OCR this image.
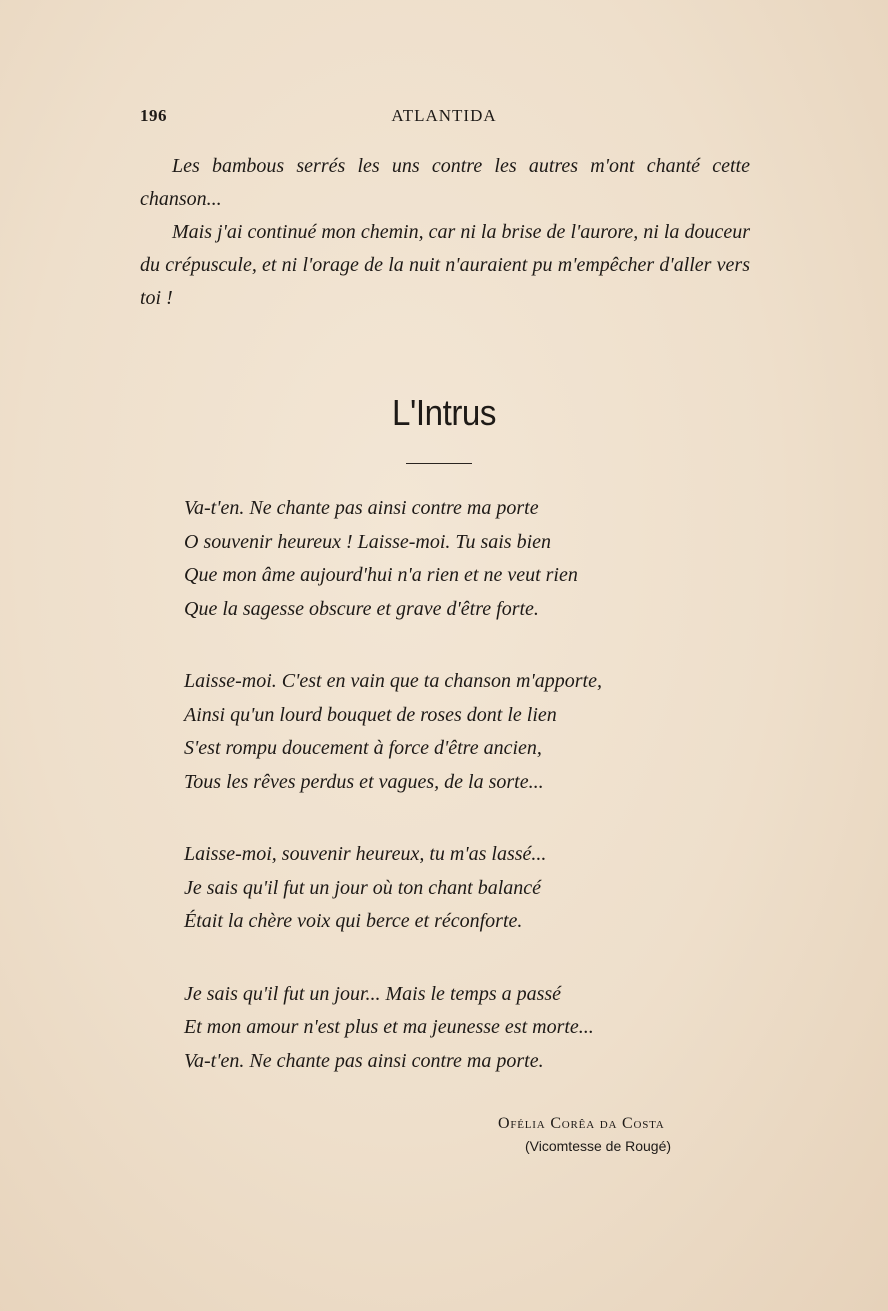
196	ATLANTIDA

Les bambous serrés les uns contre les autres m'ont chanté cette chanson...

Mais j'ai continué mon chemin, car ni la brise de l'aurore, ni la douceur du crépuscule, et ni l'orage de la nuit n'auraient pu m'empêcher d'aller vers toi !

L'Intrus
Va-t'en. Ne chante pas ainsi contre ma porte
O souvenir heureux ! Laisse-moi. Tu sais bien
Que mon âme aujourd'hui n'a rien et ne veut rien
Que la sagesse obscure et grave d'être forte.
Laisse-moi. C'est en vain que ta chanson m'apporte,
Ainsi qu'un lourd bouquet de roses dont le lien
S'est rompu doucement à force d'être ancien,
Tous les rêves perdus et vagues, de la sorte...
Laisse-moi, souvenir heureux, tu m'as lassé...
Je sais qu'il fut un jour où ton chant balancé
Était la chère voix qui berce et réconforte.
Je sais qu'il fut un jour... Mais le temps a passé
Et mon amour n'est plus et ma jeunesse est morte...
Va-t'en. Ne chante pas ainsi contre ma porte.
Ofélia Corêa da Costa
(Vicomtesse de Rougé)
